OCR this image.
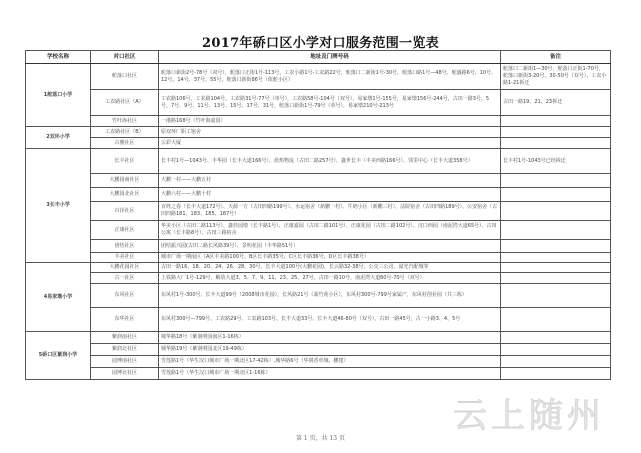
2017年硚口区小学对口服务范围一览表
学校名称	对口社区	地址及门牌号码	备注
1舵落口小学	舵落口社区	舵落口新街2号-78号（双号），舵落口正街1号-113号，工农小路1号-工农路22号，舵落口二新街1号-30号，舵落口路1号—48号，舵盛路6号、10号、12号、14号、37号、55号，舵落口新街86号（依舵小区）	舵落口二新街1—30号，舵落口正街1-70号，舵落口新街3-20号，30-50号（双号），工农小路1-21拆迁
	工农路社区（A）	工农路106号，工农路104号，工农路31号-77号（单号），工农路58号-104号（双号），易家墩1号-155号，易家墩156号-244号，古田一路3号、5号、7号、9号、11号、13号、15号、17号、31号，舵落口新街1号-79号（单号），易家墩210号-213号	古田一路19、21、23拆迁
	竹叶海社区	一港路168号（竹叶海嘉园）	
2双环小学	工农路社区（B）	原双环厂职工宿舍	
	古雅社区	云彩大厦	
3长丰小学	长丰社区	长丰村1号—1043号、丰华园（长丰大道166号）、蓝焰物流（古田二路257号）、鑫世长丰（丰美西路166号）、邻里中心（长丰大道358号）	长丰村1号-1043号已经拆迁
	大鹏园南社区	大鹏一村——大鹏五村	
	大鹏园北社区	大鹏六村——大鹏十村	
	百泽社区	百姓之春（长丰大道172号）、天源一方（古田四路199号）、水运宿舍（新鹏一村）、牛奶小区（新鹏三村）、法院宿舍（古田四路189号）、公安宿舍（古田四路181、183、185、187号）	
	正康社区	华美小区（古田二路113号）、鑫佳园墩（长丰路1号）、正康嘉园（古田二路101号）、正康花园（古田二路102号）、汉口西园（南泥湾大道65号）、古田公寓（长丰路8号）、古田三路宿舍	
	团结社区	团结振兴园(古田二路长风路39号）、景明花园（丰华路51号）	
	丰美社区	城市广场一期南区（A区丰美路100号、B区长丰路35号、C区长丰路36号、D区长丰路38号）	
4易家墩小学	大鹏花园社区	古田一路16、18、20、24、26、28、30号，长丰大道100号(大鹏花园)，长云路32-38号，公交三公司，溢光汽配城等	
	古一社区	上铁路大厂1号-129号，解放大道3、5、7、9、11、23、25、27号，古田一路10号，南泥湾大道60号-70号（双号）	
	东风社区	东风村1号-300号、长丰大道99号（2008城市花园），长风路21号（翡竹苑小区），东风村300号-799号家属产，东风村创业园（共三栋）	
	东华社区	东风村300号—799号、工农路29号、工农路103号、长丰大道33号、长丰大道46-80号（双号），古田一路45号，古一小路3、4、5号	
5硚口区紫润小学	紫润南社区	城华路18号（紫润明园南区1-16栋）	
	紫润北社区	城华路19号（紫润明园北区19-49栋）	
	园博南社区	雪莲路1号（华生汉口城市广场一期北区17-42栋）,城华路6号（华润香草城、鹏建）	
	园博北社区	雪莲路1号（华生汉口城市广场一期北区1-16栋）	
云上随州
第 1 页，共 13 页
